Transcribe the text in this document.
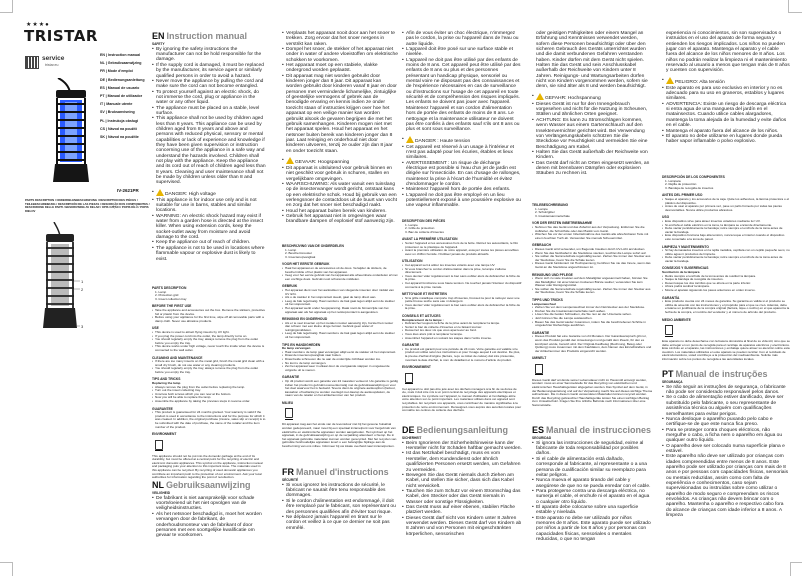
★★★●
TRISTAR
service
tristar.eu
EN | Instruction manual
NL | Gebruiksaanwijzing
FR | Mode d'emploi
DE | Bedienungsanleitung
ES | Manual de usuario
PT | Manual de utilizador
IT | Manuale utente
SV | Bruksanvisning
PL | Instrukcja obsługi
CS | Návod na použití
SK | Návod na použitie
IV-2621PR
PARTS DESCRIPTION / ONDERDELENBESCHRIJVING / DESCRIPTION DES PIÈCES / TEILEBESCHREIBUNG / DESCRIPCIÓN DE LAS PIEZAS / DESCRIÇÃO DOS COMPONENTES / DESCRIZIONE DELLE PARTI / BESKRIVNING AV DELAR / OPIS CZĘŚCI / POPIS DÍLŮ / POPIS DIELOV
1
2
3
EN Instruction manual
SAFETY
• By ignoring the safety instructions the manufacturer can not be hold responsible for the damage.
• If the supply cord is damaged, it must be replaced by the manufacturer, its service agent or similarly qualified persons in order to avoid a hazard.
• Never move the appliance by pulling the cord and make sure the cord can not become entangled.
• To protect yourself against an electric shock, do not immerse the cord, plug or appliance in the water or any other liquid.
• The appliance must be placed on a stable, level surface.
• This appliance shall not be used by children aged less than 8 years. This appliance can be used by children aged from 8 years and above and persons with reduced physical, sensory or mental capabilities or lack of experience and knowledge if they have been given supervision or instruction concerning use of the appliance in a safe way and understand the hazards involved. Children shall not play with the appliance. Keep the appliance and its cord out of reach of children aged less than 8 years. Cleaning and user maintenance shall not be made by children unless older than 8 and supervised.
• DANGER: High voltage
• This appliance is for indoor use only and is not suitable for use in barns, stables and similar locations.
• WARNING: An electric shock hazard may exist if water from a garden hose is directed at the insect killer. When using extension cords, keep the socket-outlet away from moisture and avoid damage to the cord.
• Keep the appliance out of reach of children.
• The appliance is not to be used in locations where flammable vapour or explosive dust is likely to exist.
PARTS DESCRIPTION
1. Lamp
2. Protection grid
3. Insect collection tray
BEFORE THE FIRST USE
• Take the appliance and accessories out the box. Remove the stickers, protective foil or plastic from the device.
• Before using your appliance for the first time, wipe off all removable parts with a damp cloth. Never use abrasive products.
USE
• This device is used to attract flying insects by UV light.
• If you plug the power cord into the outlet, the lamp directly turns on.
• You should regularly empty the tray, always remove the plug from the outlet before you empty the tray.
• This device works under high voltage, never touch the inside when the device is connected to the wall outlet.
CLEANING AND MAINTENANCE
• If there are too many insects on the metal grid, brush the metal grid clean with a small dry brush, do not use water or any cleaning products.
• You should regularly empty the tray, always remove the plug from the outlet before you empty the tray.
TIPS AND TRICKS
Replacing the lamp
• Always remove the plug from the outlet before replacing the lamp.
• Turn out the insect collecting tray.
• Unscrew both screws which you can now at the bottom.
• Now you will be able to replace the lamp.
• Assemble the appliance by taking the previous steps in reverse order.
GUARANTEE
• This product is guaranteed for 24 months granted. Your warranty is valid if the product is used in accordance to the instructions and for the purpose for which it was created. In addition, the original purchase (invoice, sales slip or receipt) is to be submitted with the date of purchase, the name of the retailer and the item number of the product.
ENVIRONMENT

This appliance should not be put into the domestic garbage at the end of its durability, but must be offered at a central point for the recycling of electric and electronic domestic appliances. This symbol on the appliance, instruction manual and packaging puts your attention to this important issue. The materials used in this appliance can be recycled. By recycling of used domestic appliances you contribute an important push to the protection of our environment. Ask your local authorities for information regarding the point of recollection.

NL Gebruiksaanwijzing
VEILIGHEID
• De fabrikant is niet aansprakelijk voor schade voortvloeiend uit het niet opvolgen van de veiligheidsinstructies.
• Als het netsnoer beschadigd is, moet het worden vervangen door de fabrikant, de onderhoudsmonteur van de fabrikant of door personen met een soortgelijke kwalificatie om gevaar te voorkomen.
• Verplaats het apparaat nooit door aan het snoer te trekken. Zorg ervoor dat het snoer nergens in verstrikt kan raken.
• Dompel het snoer, de stekker of het apparaat niet onder in water of andere vloeistoffen om elektrische schokken te voorkomen.
• Het apparaat moet op een stabiele, vlakke ondergrond worden geplaatst.
• Dit apparaat mag niet worden gebruikt door kinderen jonger dan 8 jaar. Dit apparaat kan worden gebruikt door kinderen vanaf 8 jaar en door personen met verminderde lichamelijke, zintuiglijke of geestelijke vermogens of gebrek aan de benodigde ervaring en kennis indien ze onder toezicht staan of instructies krijgen over hoe het apparaat op een veilige manier kan worden gebruikt alsook de gevaren begrijpen die met het gebruik samenhangen. Kinderen mogen niet met het apparaat spelen. Houd het apparaat en het netsnoer buiten bereik van kinderen jonger dan 8 jaar. Laat reiniging en onderhoud niet door kinderen uitvoeren, tenzij ze ouder zijn dan 8 jaar en onder toezicht staan.
• GEVAAR: Hoogspanning
• Dit apparaat is uitsluitend voor gebruik binnen en niet geschikt voor gebruik in schuren, stallen en vergelijkbare omgevingen.
• WAARSCHUWING: Als water vanuit een tuinslang op de insectenvanger wordt gericht, ontstaat kans op een elektrische schok. Houd bij gebruik van een verlengsnoer de contactdoos uit de buurt van vocht en zorg dat het snoer niet beschadigd raakt.
• Houd het apparaat buiten bereik van kinderen.
• Gebruik het apparaat niet in omgevingen waar brandbare dampen of explosief stof aanwezig zijn.
BESCHRIJVING VAN DE ONDERDELEN
1. Lamp
2. Beschermrooster
3. Insectenopvangbak
VOOR HET EERSTE GEBRUIK
• Haal het apparaat en de accessoires uit de doos. Verwijder de stickers, de beschermfolie of het plastic van het apparaat.
• Veeg voor het eerste gebruik van het apparaat alle afneembare onderdelen af met een vochtige doek. Gebruik nooit schurende middelen.
GEBRUIK
• Het apparaat dient voor het aantrekken van vliegende insecten door middel van UV licht.
• Als u de stekker in het stopcontact steekt, gaat de lamp direct aan.
• Leeg de bak regelmatig. Haal voordat u de bak gaat legen altijd eerst de stekker uit het stopcontact.
• Het apparaat werkt onder hoogspanning. Raak nooit de binnenzijde van het apparaat aan als het apparaat op het netstopcontact is aangesloten.
REINIGING EN ONDERHOUD
• Als er te veel insecten op het metalen rooster aanwezig zijn, borstel het rooster dan schoon met een kleine droge borstel. Gebruik geen water of reinigingsmiddelen.
• Leeg de bak regelmatig. Haal voordat u de bak gaat legen altijd eerst de stekker uit het stopcontact.
TIPS EN HANDIGHEDEN
De lamp vervangen
• Haal voordat u de lamp gaat vervangen altijd eerst de stekker uit het stopcontact.
• Draai de insectenopvangbak naar buiten.
• Draai beide schroeven die nu aan de onderzijde zichtbaar worden los.
• Nu kunt u de lamp vervangen.
• Zet het apparaat weer in elkaar door de voorgaande stappen in omgekeerde volgorde uit te voeren.
GARANTIE
• Op dit product wordt een garantie van 24 maanden verleend. Uw garantie is geldig indien het product is gebruikt overeenkomstig met de gebruiksaanwijzing en voor het doel waarvoor het is bedoeld. Tevens dient de originele aankoopbon (factuur, kassabon of kwitantie) te worden overlegd met daarop de aankoopdatum, de naam van de retailer en het artikelnummer van het product.
MILIEU

Dit apparaat mag aan het einde van de levensduur niet bij het gewone huisafval worden gedeponeerd, maar moet bij een speciaal inzamelpunt voor hergebruik van elektrische en elektronische apparaten worden aangeboden. Het symbool op het apparaat, in de gebruiksaanwijzing en op de verpakking attendeert u hierop. De in het apparaat gebruikte materialen kunnen worden gerecycled. Met het recyclen van gebruikte huishoudelijke apparaten levert u een belangrijke bijdrage aan de bescherming van ons milieu. Informeer bij uw lokale overheid naar inzamelpunten.

FR Manuel d'instructions
SÉCURITÉ
• Si vous ignorez les instructions de sécurité, le fabricant ne saurait être tenu responsable des dommages.
• Si le cordon d'alimentation est endommagé, il doit être remplacé par le fabricant, son représentant ou des personnes qualifiées afin d'éviter tout risque.
• Ne déplacez jamais l'appareil en tirant sur le cordon et veillez à ce que ce dernier ne soit pas emmêlé.
• Afin de vous éviter un choc électrique, n'immergez pas le cordon, la prise ou l'appareil dans de l'eau ou autre liquide.
• L'appareil doit être posé sur une surface stable et nivelée.
• L'appareil ne doit pas être utilisé par des enfants de moins de 8 ans. Cet appareil peut être utilisé par des enfants de 8 ans ou plus et des personnes présentant un handicap physique, sensoriel ou mental voire ne disposant pas des connaissances et de l'expérience nécessaires en cas de surveillance ou d'instructions sur l'usage de cet appareil en toute sécurité et de compréhension des risques impliqués. Les enfants ne doivent pas jouer avec l'appareil. Maintenez l'appareil et son cordon d'alimentation hors de portée des enfants de moins de 8 ans. Le nettoyage et la maintenance utilisateur ne doivent pas être confiés à des enfants sauf s'ils ont 8 ans ou plus et sont sous surveillance.
• DANGER : Haute tension
• Cet appareil est réservé à un usage à l'intérieur et n'est pas adapté pour les écuries, étables et lieux similaires.
• AVERTISSEMENT : Un risque de décharge électrique est possible si l'eau d'un jet de jardin est dirigée sur l'insecticide. En cas d'usage de rallonges, maintenez la prise à l'écart de l'humidité et évitez d'endommager le cordon.
• Maintenez l'appareil hors de portée des enfants.
• L'appareil ne doit pas être employé en un lieu potentiellement exposé à une poussière explosive ou une vapeur inflammable.
DESCRIPTION DES PIÈCES
1. Lampe
2. Grille de protection
3. Bac de collecte d'insectes
AVANT LA PREMIÈRE UTILISATION
• Sortez l'appareil et les accessoires hors de la boîte. Retirez les autocollants, le film protecteur ou le plastique de l'appareil.
• Avant la première utilisation de votre appareil, essuyez toutes les pièces amovibles avec un chiffon humide. N'utilisez jamais de produits abrasifs.
UTILISATION
• Cet appareil sert à attirer les insectes volants avec une lampe UV.
• Si vous branchez le cordon d'alimentation dans la prise, la lampe s'allume directement.
• Vous devriez vider régulièrement le bac sans oublier alors de débrancher la fiche de la prise.
• Cet appareil fonctionne sous haute tension. Ne touchez jamais l'intérieur du dispositif connecté à la prise murale.
NETTOYAGE ET ENTRETIEN
• Si la grille métallique comporte trop d'insectes, brossez-la pour la nettoyer avec une petite brosse sèche sans eau ni détergent.
• Vous devriez vider régulièrement le bac sans oublier alors de débrancher la fiche de la prise.
CONSEILS ET ASTUCES
Remplacement de la lampe :
• Débranchez toujours la fiche de la prise avant de remplacer la lampe.
• Sortez le bac de collecte d'insectes en le faisant tourner.
• Desserrez les deux vis que vous apercevez au fond.
• Vous êtes alors prêt à remplacer la lampe.
• Assemblez l'appareil en suivant les étapes dans l'ordre inverse.
GARANTIE
• Ce produit est garanti pour une période de 24 mois. Votre garantie est valable si le produit est utilisé selon les instructions et pour l'usage auquel il est destiné. De plus, la preuve d'achat d'origine (facture, reçu ou ticket de caisse) doit être présentée, montrant la date d'achat, le nom du détaillant et le numéro d'article du produit.
ENVIRONNEMENT

Cet appareil ne doit pas être jeté avec les déchets ménagers à la fin de sa durée de vie, mais il doit être mis à un point central de recyclage des appareils électriques et électroniques. Ce symbole sur l'appareil, le manuel d'utilisation et l'emballage attire votre attention sur ce point important. Les matériaux utilisés dans cet appareil sont recyclables. En recyclant vos appareils, vous contribuez de manière significative à la protection de notre environnement. Renseignez-vous auprès des autorités locales pour connaître les centres de collecte des déchets.

DE Bedienungsanleitung
SICHERHEIT
• Beim Ignorieren der Sicherheitshinweise kann der Hersteller nicht für Schäden haftbar gemacht werden.
• Ist das Netzkabel beschädigt, muss es vom Hersteller, dem Kundendienst oder ähnlich qualifizierten Personen ersetzt werden, um Gefahren zu vermeiden.
• Bewegen Sie das Gerät niemals durch Ziehen am Kabel, und stellen Sie sicher, dass sich das Kabel nicht verwickelt.
• Tauchen Sie zum Schutz vor einem Stromschlag das Kabel, den Stecker oder das Gerät niemals in Wasser oder sonstige Flüssigkeiten.
• Das Gerät muss auf einer ebenen, stabilen Fläche platziert werden.
• Dieses Gerät darf nicht von Kindern unter 8 Jahren verwendet werden. Dieses Gerät darf von Kindern ab 8 Jahren und von Personen mit eingeschränkten körperlichen, sensorischen
oder geistigen Fähigkeiten oder einem Mangel an Erfahrung und Kenntnissen verwendet werden, sofern diese Personen beaufsichtigt oder über den sicheren Gebrauch des Geräts unterrichtet wurden und die damit verbundenen Gefahren verstanden haben. Kinder dürfen mit dem Gerät nicht spielen. Halten Sie das Gerät und sein Anschlusskabel außerhalb der Reichweite von Kindern unter 8 Jahren. Reinigungs- und Wartungsarbeiten dürfen nicht von Kindern vorgenommen werden, sofern sie denn, sie sind älter als 8 und werden beaufsichtigt.
• GEFAHR: Hochspannung
• Dieses Gerät ist nur für den Innengebrauch vorgesehen und nicht für die Nutzung in Scheunen, Ställen und ähnlichen Orten geeignet.
• ACHTUNG: Es kann zu Stromschlägen kommen, wenn Wasser aus einem Gartenschlauch auf den Insektenvernichter gerichtet wird. Bei Verwendung von Verlängerungskabeln schützen Sie die Steckdose vor Feuchtigkeit und vermeiden Sie eine Beschädigung am Kabel.
• Halten Sie das Gerät außerhalb der Reichweite von Kindern.
• Das Gerät darf nicht an Orten eingesetzt werden, an denen mit brennbaren Dämpfen oder explosiven Stäuben zu rechnen ist.
TEILEBESCHREIBUNG
1. Lampe
2. Schutzgitter
3. Insektensammelschale
VOR DER ERSTEN INBETRIEBNAHME
• Nehmen Sie das Gerät und das Zubehör aus der Verpackung. Entfernen Sie die Aufkleber, die Schutzfolie oder das Plastik vom Gerät.
• Wischen Sie vor der ersten Inbetriebnahme des Geräts alle abnehmbaren Teile mit einem feuchten Tuch ab. Verwenden Sie niemals Scheuermittel.
GEBRAUCH
• Dieses Gerät wird verwendet, um fliegende Insekten durch UV-Licht anzulocken.
• Wenn Sie das Netzkabel in die Steckdose stecken, leuchtet die Lampe sofort auf.
• Sie sollten die Sammelschale regelmäßig leeren. Ziehen Sie immer den Stecker aus der Steckdose, bevor Sie die Schale leeren.
• Dieses Gerät funktioniert mit Hochspannung; berühren Sie nie das Innere, wenn das Gerät an die Steckdose angeschlossen ist.
REINIGUNG UND PFLEGE
• Wenn sich zu viele Insekten auf dem Metallgitter angesammelt haben, bürsten Sie das Metallgitter mit einer kleinen trockenen Bürste sauber; verwenden Sie kein Wasser oder Reinigungsmittel.
• Sie sollten die Sammelschale regelmäßig leeren. Ziehen Sie immer den Stecker aus der Steckdose, bevor Sie die Schale leeren.
TIPPS UND TRICKS
Lampenwechsel
• Ziehen Sie vor dem Lampenwechsel immer den Netzstecker aus der Steckdose.
• Drehen Sie die Insektensammelschale nach außen.
• Lösen Sie die beiden Schrauben, die Sie nun an der Unterseite sehen.
• Jetzt können Sie die Lampe austauschen.
• Bauen Sie das Gerät wieder zusammen, indem Sie die beschriebenen Schritte in umgekehrter Reihenfolge ausführen.
GARANTIE
• Dieses Produkt hat eine Garantie von 24 Monaten. Der Garantieanspruch gilt nur, wenn das Produkt gemäß den Anweisungen und gemäß dem Zweck, für den es konzipiert wurde, benutzt wird. Der Original-Kaufbeleg (Rechnung, Beleg oder Quittung) muss zusammen mit dem Kaufdatum, dem Namen des Einzelhändlers und der Artikelnummer des Produkts eingereicht werden.
UMWELT

Dieses Gerät darf am Ende seiner Lebensdauer nicht im Hausmüll entsorgt werden, sondern muss an einer Sammelstelle für das Recycling von elektrischen und elektronischen Haushaltsgeräten abgegeben werden. Das Symbol auf dem Gerät, in der Bedienungsanleitung und auf der Verpackung macht Sie auf dieses wichtige Thema aufmerksam. Die in diesem Gerät verwendeten Materialien können recycelt werden. Durch das Recycling gebrauchter Haushaltsgeräte leisten Sie einen wichtigen Beitrag zum Umweltschutz. Fragen Sie Ihre örtliche Behörde nach Informationen über eine Sammelstelle.

ES Manual de instrucciones
SEGURIDAD
• Si ignora las instrucciones de seguridad, exime al fabricante de toda responsabilidad por posibles daños.
• Si el cable de alimentación está dañado, corresponde al fabricante, al representante o a una persona de cualificación similar su reemplazo para evitar peligros.
• Nunca mueva el aparato tirando del cable y asegúrese de que no se pueda enredar con el cable.
• Para protegerse contra una descarga eléctrica, no sumerja el cable, el enchufe ni el aparato en el agua o cualquier otro líquido.
• El aparato debe colocarse sobre una superficie estable y nivelada.
• Este aparato no debe ser utilizado por niños menores de 8 años. Este aparato puede ser utilizado por niños a partir de los 8 años y por personas con capacidades físicas, sensoriales o mentales reducidas, o que no tengan
experiencia ni conocimientos, sin son supervisados o instruidos en el uso del aparato de forma segura y entienden los riesgos implicados. Los niños no pueden jugar con el aparato. Mantenga el aparato y el cable fuera del alcance de los niños menores de 8 años. Los niños no podrán realizar la limpieza ni el mantenimiento reservado al usuario a menos que tengan más de 8 años y cuenten con supervisión.
• PELIGRO: Alta tensión
• Este aparato es para uso exclusivo en interior y no es adecuado para su uso en graneros, establos y lugares similares.
• ADVERTENCIA: Existe un riesgo de descarga eléctrica si entra agua de una manguera del jardín en el matainsectos. Cuando utilice cables alargadores, mantenga la toma alejada de la humedad y evite daños en el cable.
• Mantenga el aparato fuera del alcance de los niños.
• El aparato no debe utilizarse en lugares donde pueda haber vapor inflamable o polvo explosivo.
DESCRIPCIÓN DE LOS COMPONENTES
1. Lámpara
2. Rejilla de protección
3. Bandeja de recogida de insectos
ANTES DEL PRIMER USO
• Saque el aparato y los accesorios de la caja. Quite los adhesivos, la lámina protectora o el plástico del dispositivo.
• Antes de usar el aparato por primera vez, pase un paño húmedo por todas las piezas desmontables. Nunca utilice productos abrasivos.
USO
• Este dispositivo sirve para atraer insectos voladores mediante luz UV.
• Si enchufa el cable eléctrico en la toma, la lámpara se enciende directamente.
• Debe vaciar periódicamente la bandeja; retire siempre el enchufe de la toma antes de vaciar la bandeja.
• Este dispositivo funciona bajo alta tensión, nunca toque el interior cuando el dispositivo esté conectado a la toma de pared.
LIMPIEZA Y MANTENIMIENTO
• Si hay demasiados insectos en la rejilla metálica, cepíllela con un cepillo pequeño seco; no utilice agua ni productos de limpieza.
• Debe vaciar periódicamente la bandeja; retire siempre el enchufe de la toma antes de vaciar la bandeja.
CONSEJOS Y SUGERENCIAS
Sustitución de la lámpara
• Retire siempre el enchufe de la toma antes de sustituir la lámpara.
• Saque la bandeja de recogida de insectos.
• Desenrosque los dos tornillos que ve ahora en la parte inferior.
• Ahora podrá sustituir la lámpara.
• Monte el aparato siguiendo los pasos anteriores en orden inverso.
GARANTÍA
• Este producto cuenta con 24 meses de garantía. Su garantía es válida si el producto se utiliza de acuerdo con las instrucciones y el propósito para el que se creó. Además, debe enviarse un justificante de la compra original (factura, tique o recibo) en el que aparezca la fecha de la compra, el nombre del vendedor y el número de artículo del producto.
MEDIO AMBIENTE

Este aparato no debe desecharse con la basura doméstica al final de su vida útil, sino que se debe entregar en un punto de recogida para el reciclaje de aparatos eléctricos y electrónicos. Este símbolo en el aparato, las instrucciones y embalaje quiere atraer su atención sobre esta cuestión. Los materiales utilizados en este aparato se pueden reciclar. Con el reciclado de electrodomésticos, usted contribuye a la protección del medioambiente. Solicite más información sobre los puntos de recogida a las autoridades locales.

PT Manual de instruções
SEGURANÇA
• Se não seguir as instruções de segurança, o fabricante não pode ser considerado responsável pelos danos.
• Se o cabo de alimentação estiver danificado, deve ser substituído pelo fabricante, o seu representante de assistência técnica ou alguém com qualificações semelhantes para evitar perigos.
• Nunca desloque o aparelho puxando pelo cabo e certifique-se de que este nunca fica preso.
• Para se proteger contra choques eléctricos, não mergulhe o cabo, a ficha nem o aparelho em água ou qualquer outro líquido.
• O aparelho deve ser colocado numa superfície plana e estável.
• Este aparelho não deve ser utilizado por crianças com idades compreendidas entre menos de 8 anos. Este aparelho pode ser utilizado por crianças com mais de 8 anos e por pessoas com capacidades físicas, sensoriais ou mentais reduzidas, assim como com falta de experiência e conhecimentos, caso sejam supervisionadas ou instruídas sobre como utilizar o aparelho de modo seguro e compreendam os riscos envolvidos. As crianças não devem brincar com o aparelho. Mantenha o aparelho e respectivo cabo fora do alcance de crianças com idade inferior a 8 anos. A limpeza
